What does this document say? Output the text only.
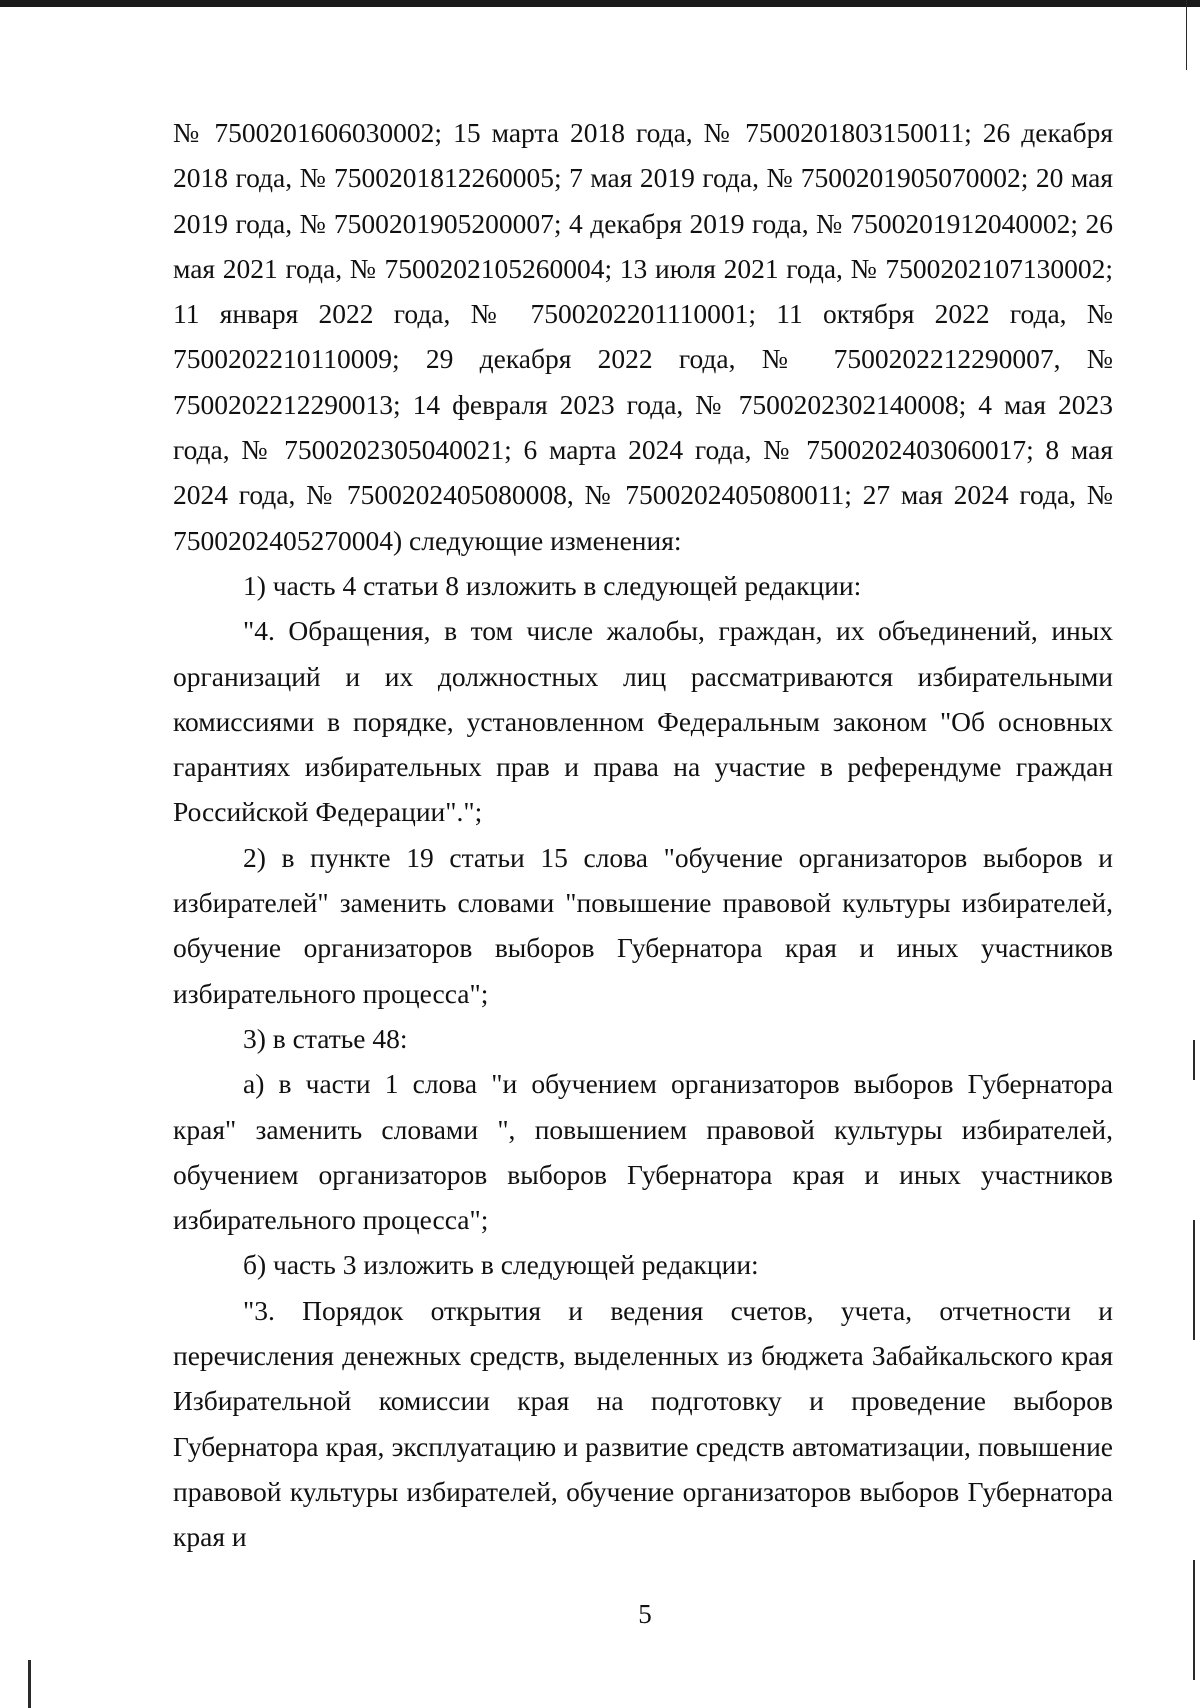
№ 7500201606030002; 15 марта 2018 года, № 7500201803150011; 26 декабря 2018 года, № 7500201812260005; 7 мая 2019 года, № 7500201905070002; 20 мая 2019 года, № 7500201905200007; 4 декабря 2019 года, № 7500201912040002; 26 мая 2021 года, № 7500202105260004; 13 июля 2021 года, № 7500202107130002; 11 января 2022 года, № 7500202201110001; 11 октября 2022 года, № 7500202210110009; 29 декабря 2022 года, № 7500202212290007, № 7500202212290013; 14 февраля 2023 года, № 7500202302140008; 4 мая 2023 года, № 7500202305040021; 6 марта 2024 года, № 7500202403060017; 8 мая 2024 года, № 7500202405080008, № 7500202405080011; 27 мая 2024 года, № 7500202405270004) следующие изменения:

1) часть 4 статьи 8 изложить в следующей редакции:

"4. Обращения, в том числе жалобы, граждан, их объединений, иных организаций и их должностных лиц рассматриваются избирательными комиссиями в порядке, установленном Федеральным законом "Об основных гарантиях избирательных прав и права на участие в референдуме граждан Российской Федерации".";

2) в пункте 19 статьи 15 слова "обучение организаторов выборов и избирателей" заменить словами "повышение правовой культуры избирателей, обучение организаторов выборов Губернатора края и иных участников избирательного процесса";

3) в статье 48:

а) в части 1 слова "и обучением организаторов выборов Губернатора края" заменить словами ", повышением правовой культуры избирателей, обучением организаторов выборов Губернатора края и иных участников избирательного процесса";

б) часть 3 изложить в следующей редакции:

"3. Порядок открытия и ведения счетов, учета, отчетности и перечисления денежных средств, выделенных из бюджета Забайкальского края Избирательной комиссии края на подготовку и проведение выборов Губернатора края, эксплуатацию и развитие средств автоматизации, повышение правовой культуры избирателей, обучение организаторов выборов Губернатора края и

5
